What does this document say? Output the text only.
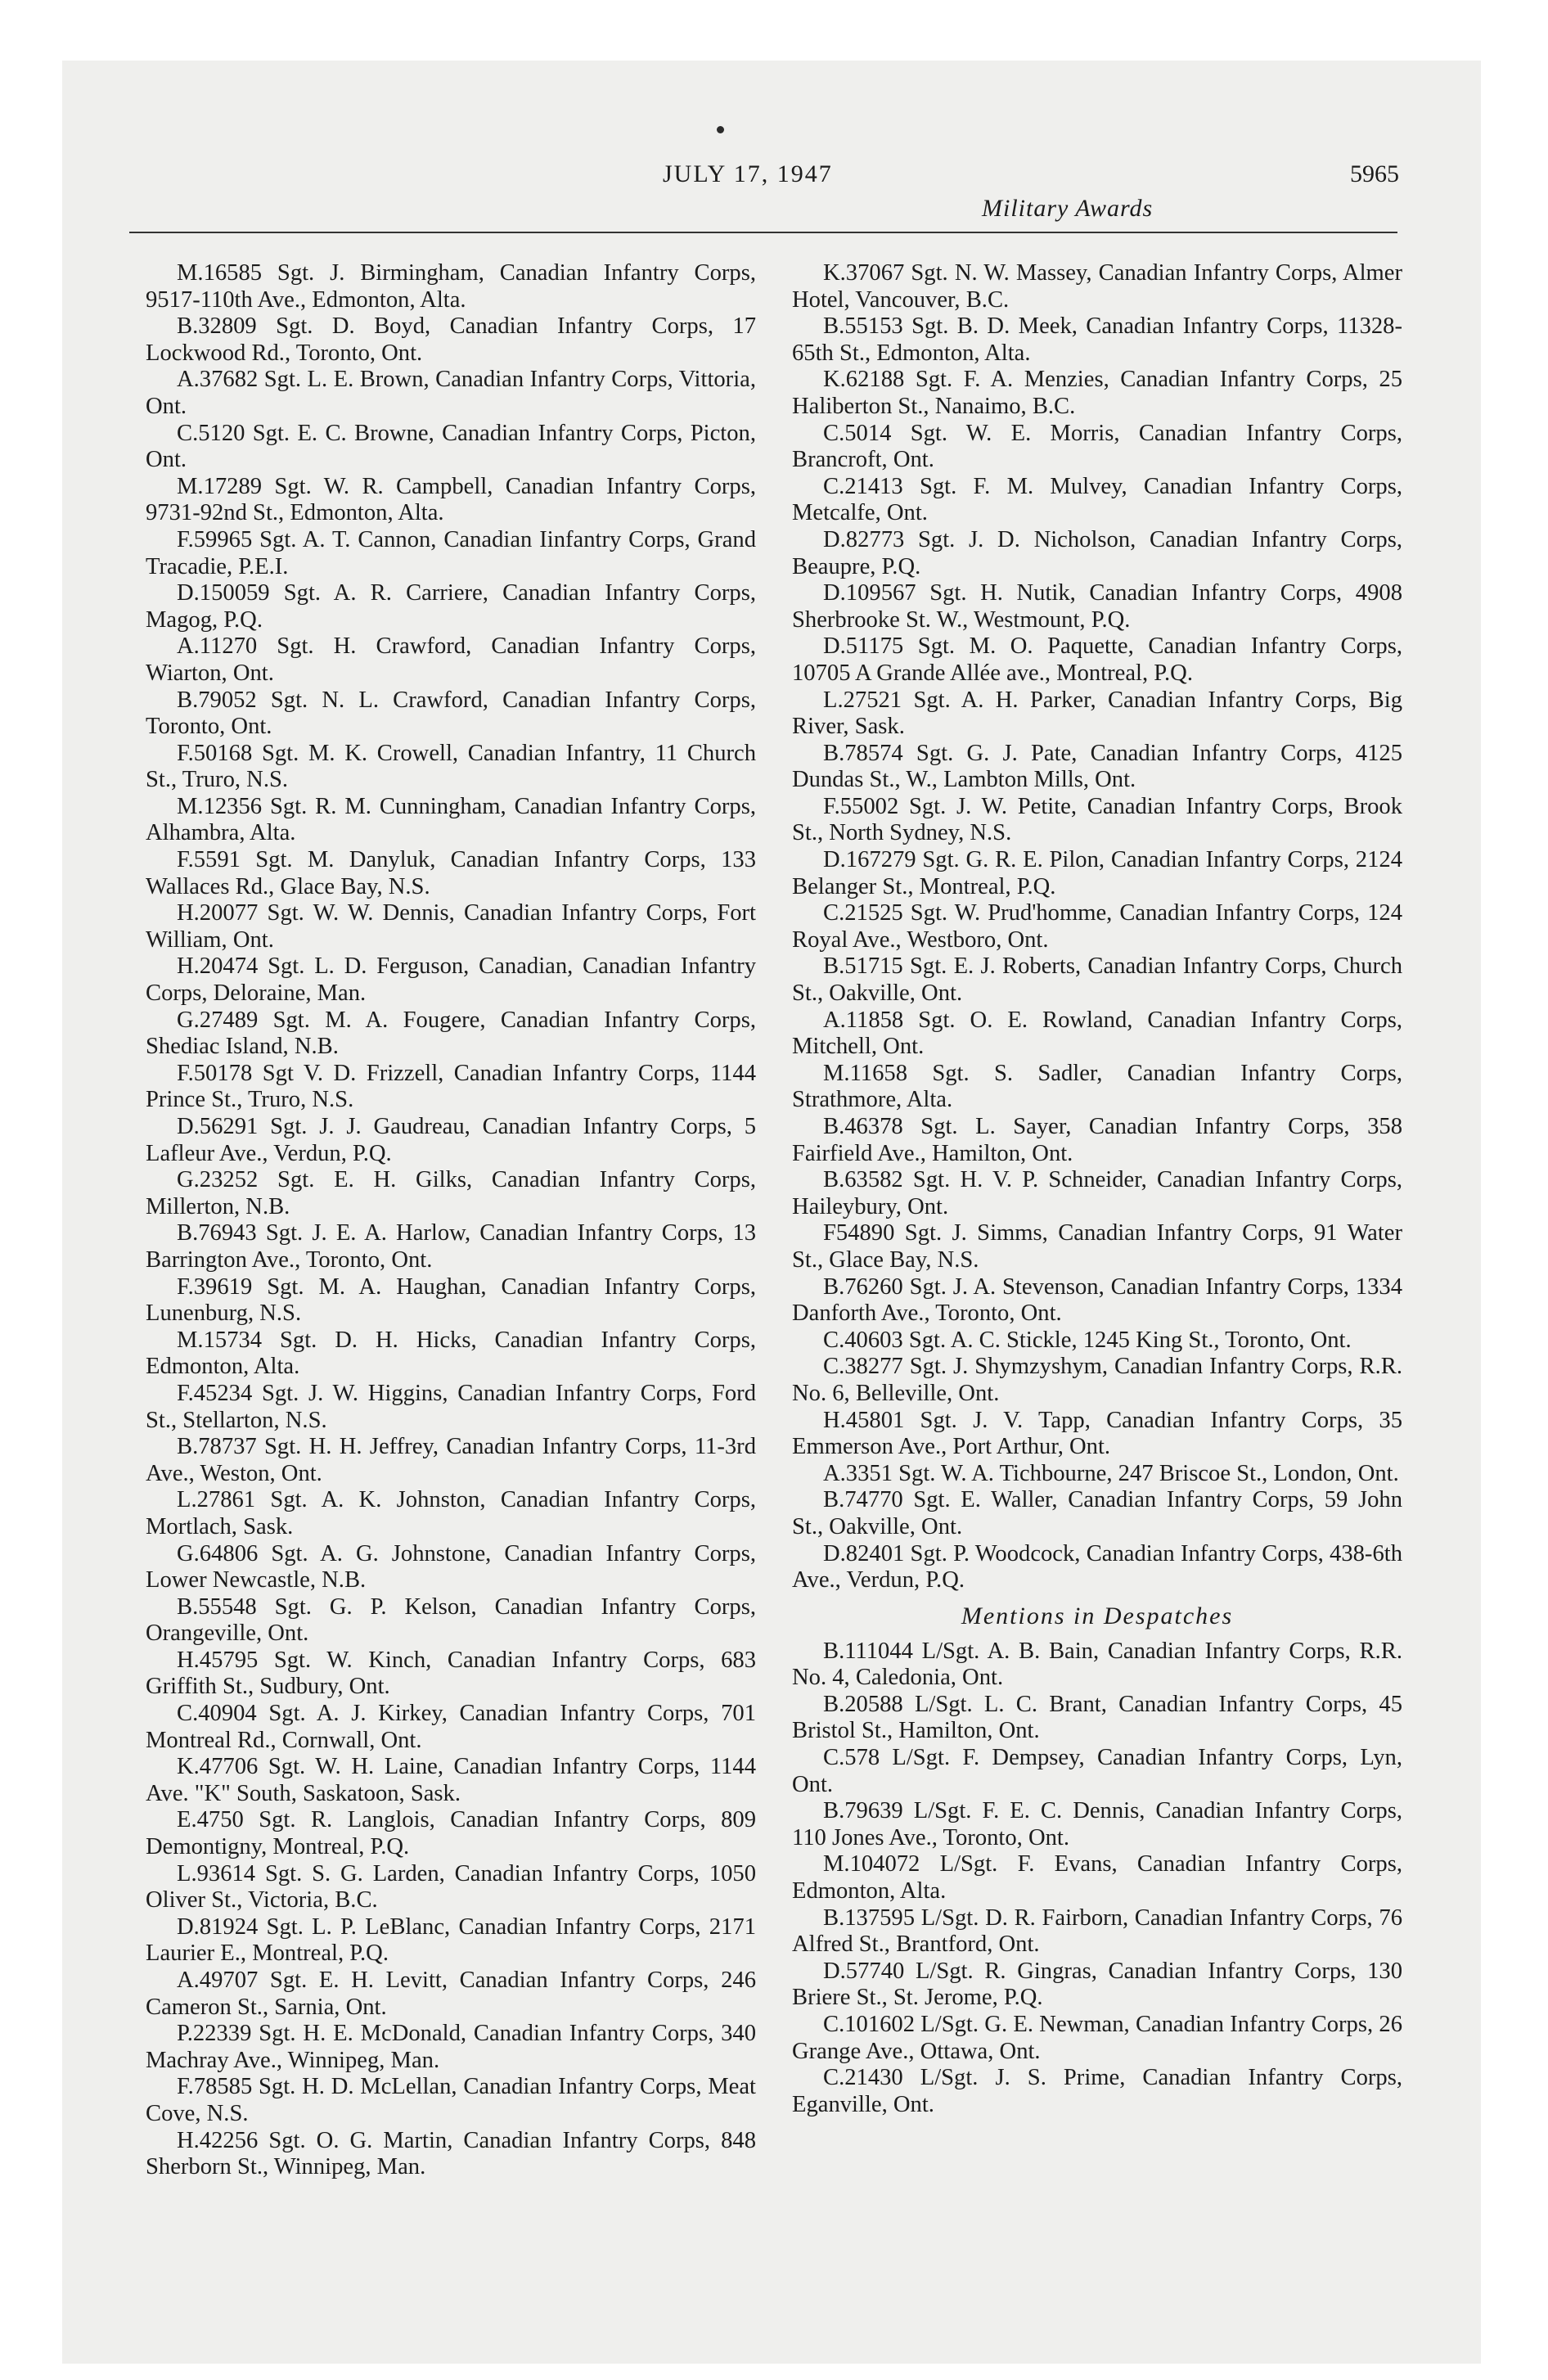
JULY 17, 1947	5965
Military Awards

M.16585 Sgt. J. Birmingham, Canadian Infantry Corps, 9517-110th Ave., Edmonton, Alta.

B.32809 Sgt. D. Boyd, Canadian Infantry Corps, 17 Lockwood Rd., Toronto, Ont.

A.37682 Sgt. L. E. Brown, Canadian Infantry Corps, Vittoria, Ont.

C.5120 Sgt. E. C. Browne, Canadian Infantry Corps, Picton, Ont.

M.17289 Sgt. W. R. Campbell, Canadian Infantry Corps, 9731-92nd St., Edmonton, Alta.

F.59965 Sgt. A. T. Cannon, Canadian Iinfantry Corps, Grand Tracadie, P.E.I.

D.150059 Sgt. A. R. Carriere, Canadian Infantry Corps, Magog, P.Q.

A.11270 Sgt. H. Crawford, Canadian Infantry Corps, Wiarton, Ont.

B.79052 Sgt. N. L. Crawford, Canadian Infantry Corps, Toronto, Ont.

F.50168 Sgt. M. K. Crowell, Canadian Infantry, 11 Church St., Truro, N.S.

M.12356 Sgt. R. M. Cunningham, Canadian Infantry Corps, Alhambra, Alta.

F.5591 Sgt. M. Danyluk, Canadian Infantry Corps, 133 Wallaces Rd., Glace Bay, N.S.

H.20077 Sgt. W. W. Dennis, Canadian Infantry Corps, Fort William, Ont.

H.20474 Sgt. L. D. Ferguson, Canadian, Canadian Infantry Corps, Deloraine, Man.

G.27489 Sgt. M. A. Fougere, Canadian Infantry Corps, Shediac Island, N.B.

F.50178 Sgt V. D. Frizzell, Canadian Infantry Corps, 1144 Prince St., Truro, N.S.

D.56291 Sgt. J. J. Gaudreau, Canadian Infantry Corps, 5 Lafleur Ave., Verdun, P.Q.

G.23252 Sgt. E. H. Gilks, Canadian Infantry Corps, Millerton, N.B.

B.76943 Sgt. J. E. A. Harlow, Canadian Infantry Corps, 13 Barrington Ave., Toronto, Ont.

F.39619 Sgt. M. A. Haughan, Canadian Infantry Corps, Lunenburg, N.S.

M.15734 Sgt. D. H. Hicks, Canadian Infantry Corps, Edmonton, Alta.

F.45234 Sgt. J. W. Higgins, Canadian Infantry Corps, Ford St., Stellarton, N.S.

B.78737 Sgt. H. H. Jeffrey, Canadian Infantry Corps, 11-3rd Ave., Weston, Ont.

L.27861 Sgt. A. K. Johnston, Canadian Infantry Corps, Mortlach, Sask.

G.64806 Sgt. A. G. Johnstone, Canadian Infantry Corps, Lower Newcastle, N.B.

B.55548 Sgt. G. P. Kelson, Canadian Infantry Corps, Orangeville, Ont.

H.45795 Sgt. W. Kinch, Canadian Infantry Corps, 683 Griffith St., Sudbury, Ont.

C.40904 Sgt. A. J. Kirkey, Canadian Infantry Corps, 701 Montreal Rd., Cornwall, Ont.

K.47706 Sgt. W. H. Laine, Canadian Infantry Corps, 1144 Ave. "K" South, Saskatoon, Sask.

E.4750 Sgt. R. Langlois, Canadian Infantry Corps, 809 Demontigny, Montreal, P.Q.

L.93614 Sgt. S. G. Larden, Canadian Infantry Corps, 1050 Oliver St., Victoria, B.C.

D.81924 Sgt. L. P. LeBlanc, Canadian Infantry Corps, 2171 Laurier E., Montreal, P.Q.

A.49707 Sgt. E. H. Levitt, Canadian Infantry Corps, 246 Cameron St., Sarnia, Ont.

P.22339 Sgt. H. E. McDonald, Canadian Infantry Corps, 340 Machray Ave., Winnipeg, Man.

F.78585 Sgt. H. D. McLellan, Canadian Infantry Corps, Meat Cove, N.S.

H.42256 Sgt. O. G. Martin, Canadian Infantry Corps, 848 Sherborn St., Winnipeg, Man.

K.37067 Sgt. N. W. Massey, Canadian Infantry Corps, Almer Hotel, Vancouver, B.C.

B.55153 Sgt. B. D. Meek, Canadian Infantry Corps, 11328-65th St., Edmonton, Alta.

K.62188 Sgt. F. A. Menzies, Canadian Infantry Corps, 25 Haliberton St., Nanaimo, B.C.

C.5014 Sgt. W. E. Morris, Canadian Infantry Corps, Brancroft, Ont.

C.21413 Sgt. F. M. Mulvey, Canadian Infantry Corps, Metcalfe, Ont.

D.82773 Sgt. J. D. Nicholson, Canadian Infantry Corps, Beaupre, P.Q.

D.109567 Sgt. H. Nutik, Canadian Infantry Corps, 4908 Sherbrooke St. W., Westmount, P.Q.

D.51175 Sgt. M. O. Paquette, Canadian Infantry Corps, 10705 A Grande Allée ave., Montreal, P.Q.

L.27521 Sgt. A. H. Parker, Canadian Infantry Corps, Big River, Sask.

B.78574 Sgt. G. J. Pate, Canadian Infantry Corps, 4125 Dundas St., W., Lambton Mills, Ont.

F.55002 Sgt. J. W. Petite, Canadian Infantry Corps, Brook St., North Sydney, N.S.

D.167279 Sgt. G. R. E. Pilon, Canadian Infantry Corps, 2124 Belanger St., Montreal, P.Q.

C.21525 Sgt. W. Prud'homme, Canadian Infantry Corps, 124 Royal Ave., Westboro, Ont.

B.51715 Sgt. E. J. Roberts, Canadian Infantry Corps, Church St., Oakville, Ont.

A.11858 Sgt. O. E. Rowland, Canadian Infantry Corps, Mitchell, Ont.

M.11658 Sgt. S. Sadler, Canadian Infantry Corps, Strathmore, Alta.

B.46378 Sgt. L. Sayer, Canadian Infantry Corps, 358 Fairfield Ave., Hamilton, Ont.

B.63582 Sgt. H. V. P. Schneider, Canadian Infantry Corps, Haileybury, Ont.

F54890 Sgt. J. Simms, Canadian Infantry Corps, 91 Water St., Glace Bay, N.S.

B.76260 Sgt. J. A. Stevenson, Canadian Infantry Corps, 1334 Danforth Ave., Toronto, Ont.

C.40603 Sgt. A. C. Stickle, 1245 King St., Toronto, Ont.

C.38277 Sgt. J. Shymzyshym, Canadian Infantry Corps, R.R. No. 6, Belleville, Ont.

H.45801 Sgt. J. V. Tapp, Canadian Infantry Corps, 35 Emmerson Ave., Port Arthur, Ont.

A.3351 Sgt. W. A. Tichbourne, 247 Briscoe St., London, Ont.

B.74770 Sgt. E. Waller, Canadian Infantry Corps, 59 John St., Oakville, Ont.

D.82401 Sgt. P. Woodcock, Canadian Infantry Corps, 438-6th Ave., Verdun, P.Q.

Mentions in Despatches

B.111044 L/Sgt. A. B. Bain, Canadian Infantry Corps, R.R. No. 4, Caledonia, Ont.

B.20588 L/Sgt. L. C. Brant, Canadian Infantry Corps, 45 Bristol St., Hamilton, Ont.

C.578 L/Sgt. F. Dempsey, Canadian Infantry Corps, Lyn, Ont.

B.79639 L/Sgt. F. E. C. Dennis, Canadian Infantry Corps, 110 Jones Ave., Toronto, Ont.

M.104072 L/Sgt. F. Evans, Canadian Infantry Corps, Edmonton, Alta.

B.137595 L/Sgt. D. R. Fairborn, Canadian Infantry Corps, 76 Alfred St., Brantford, Ont.

D.57740 L/Sgt. R. Gingras, Canadian Infantry Corps, 130 Briere St., St. Jerome, P.Q.

C.101602 L/Sgt. G. E. Newman, Canadian Infantry Corps, 26 Grange Ave., Ottawa, Ont.

C.21430 L/Sgt. J. S. Prime, Canadian Infantry Corps, Eganville, Ont.
